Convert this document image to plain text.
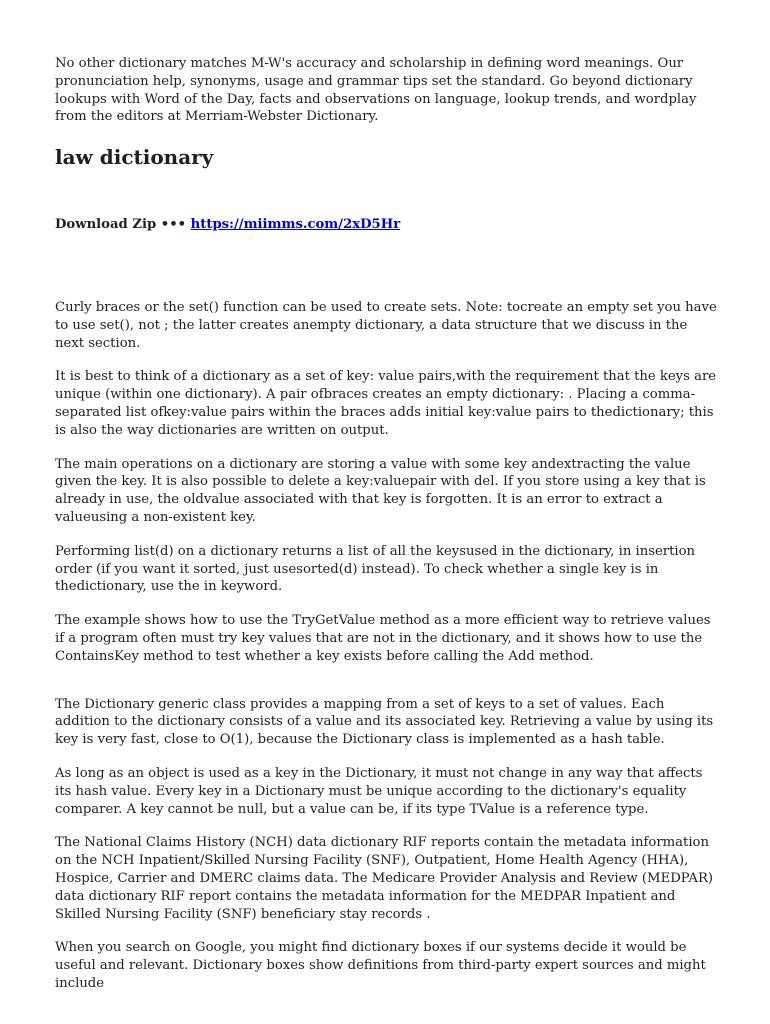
No other dictionary matches M-W's accuracy and scholarship in defining word meanings. Our pronunciation help, synonyms, usage and grammar tips set the standard. Go beyond dictionary lookups with Word of the Day, facts and observations on language, lookup trends, and wordplay from the editors at Merriam-Webster Dictionary.

law dictionary
Download Zip ••• https://miimms.com/2xD5Hr

Curly braces or the set() function can be used to create sets. Note: tocreate an empty set you have to use set(), not ; the latter creates anempty dictionary, a data structure that we discuss in the next section.

It is best to think of a dictionary as a set of key: value pairs,with the requirement that the keys are unique (within one dictionary). A pair ofbraces creates an empty dictionary: . Placing a comma-separated list ofkey:value pairs within the braces adds initial key:value pairs to thedictionary; this is also the way dictionaries are written on output.

The main operations on a dictionary are storing a value with some key andextracting the value given the key. It is also possible to delete a key:valuepair with del. If you store using a key that is already in use, the oldvalue associated with that key is forgotten. It is an error to extract a valueusing a non-existent key.

Performing list(d) on a dictionary returns a list of all the keysused in the dictionary, in insertion order (if you want it sorted, just usesorted(d) instead). To check whether a single key is in thedictionary, use the in keyword.

The example shows how to use the TryGetValue method as a more efficient way to retrieve values if a program often must try key values that are not in the dictionary, and it shows how to use the ContainsKey method to test whether a key exists before calling the Add method.

The Dictionary generic class provides a mapping from a set of keys to a set of values. Each addition to the dictionary consists of a value and its associated key. Retrieving a value by using its key is very fast, close to O(1), because the Dictionary class is implemented as a hash table.

As long as an object is used as a key in the Dictionary, it must not change in any way that affects its hash value. Every key in a Dictionary must be unique according to the dictionary's equality comparer. A key cannot be null, but a value can be, if its type TValue is a reference type.

The National Claims History (NCH) data dictionary RIF reports contain the metadata information on the NCH Inpatient/Skilled Nursing Facility (SNF), Outpatient, Home Health Agency (HHA), Hospice, Carrier and DMERC claims data. The Medicare Provider Analysis and Review (MEDPAR) data dictionary RIF report contains the metadata information for the MEDPAR Inpatient and Skilled Nursing Facility (SNF) beneficiary stay records .

When you search on Google, you might find dictionary boxes if our systems decide it would be useful and relevant. Dictionary boxes show definitions from third-party expert sources and might include
